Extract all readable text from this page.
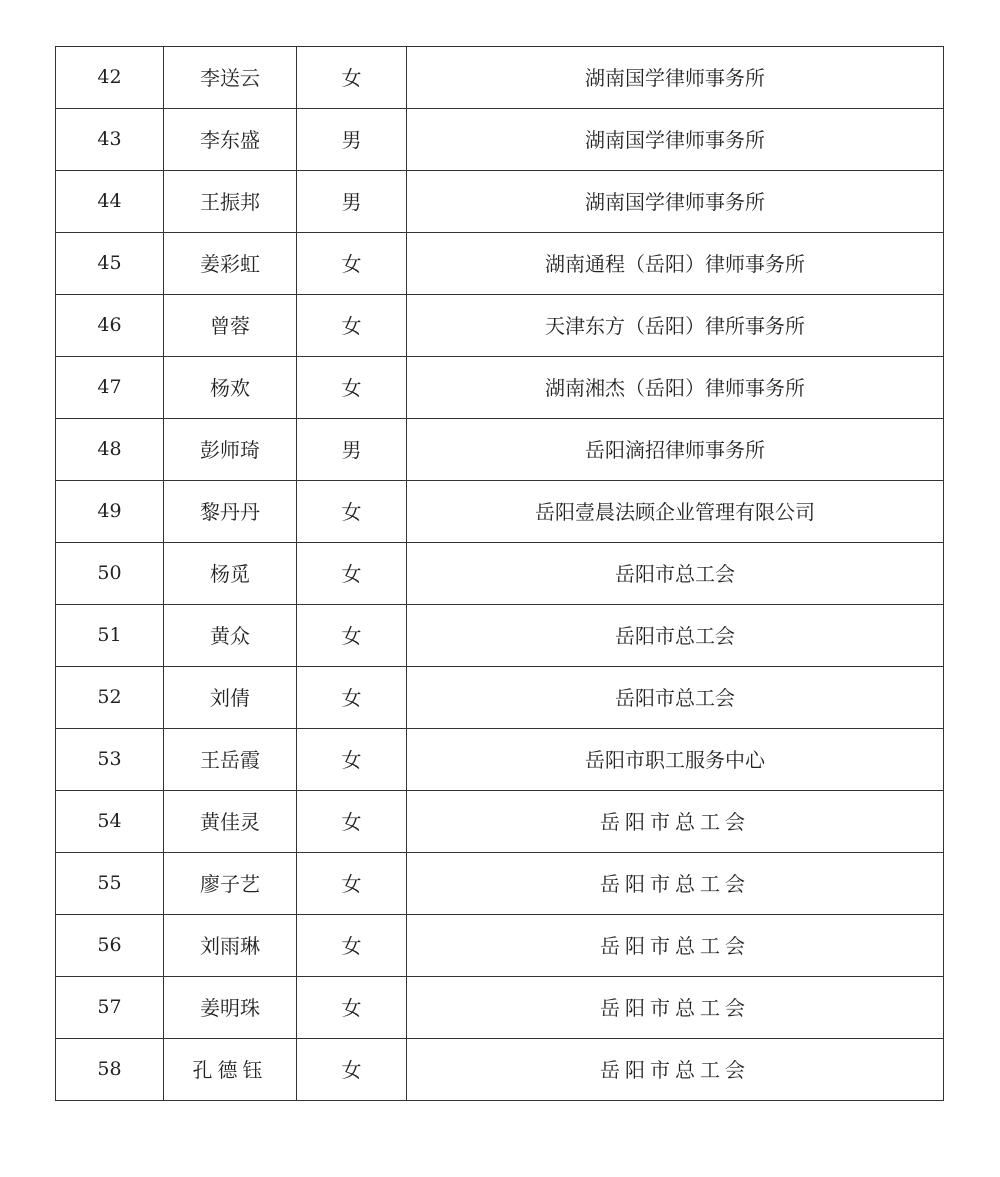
42	李送云	女	湖南国学律师事务所
43	李东盛	男	湖南国学律师事务所
44	王振邦	男	湖南国学律师事务所
45	姜彩虹	女	湖南通程（岳阳）律师事务所
46	曾蓉	女	天津东方（岳阳）律所事务所
47	杨欢	女	湖南湘杰（岳阳）律师事务所
48	彭师琦	男	岳阳滴招律师事务所
49	黎丹丹	女	岳阳壹晨法顾企业管理有限公司
50	杨觅	女	岳阳市总工会
51	黄众	女	岳阳市总工会
52	刘倩	女	岳阳市总工会
53	王岳霞	女	岳阳市职工服务中心
54	黄佳灵	女	岳阳市总工会
55	廖子艺	女	岳阳市总工会
56	刘雨琳	女	岳阳市总工会
57	姜明珠	女	岳阳市总工会
58	孔德钰	女	岳阳市总工会
